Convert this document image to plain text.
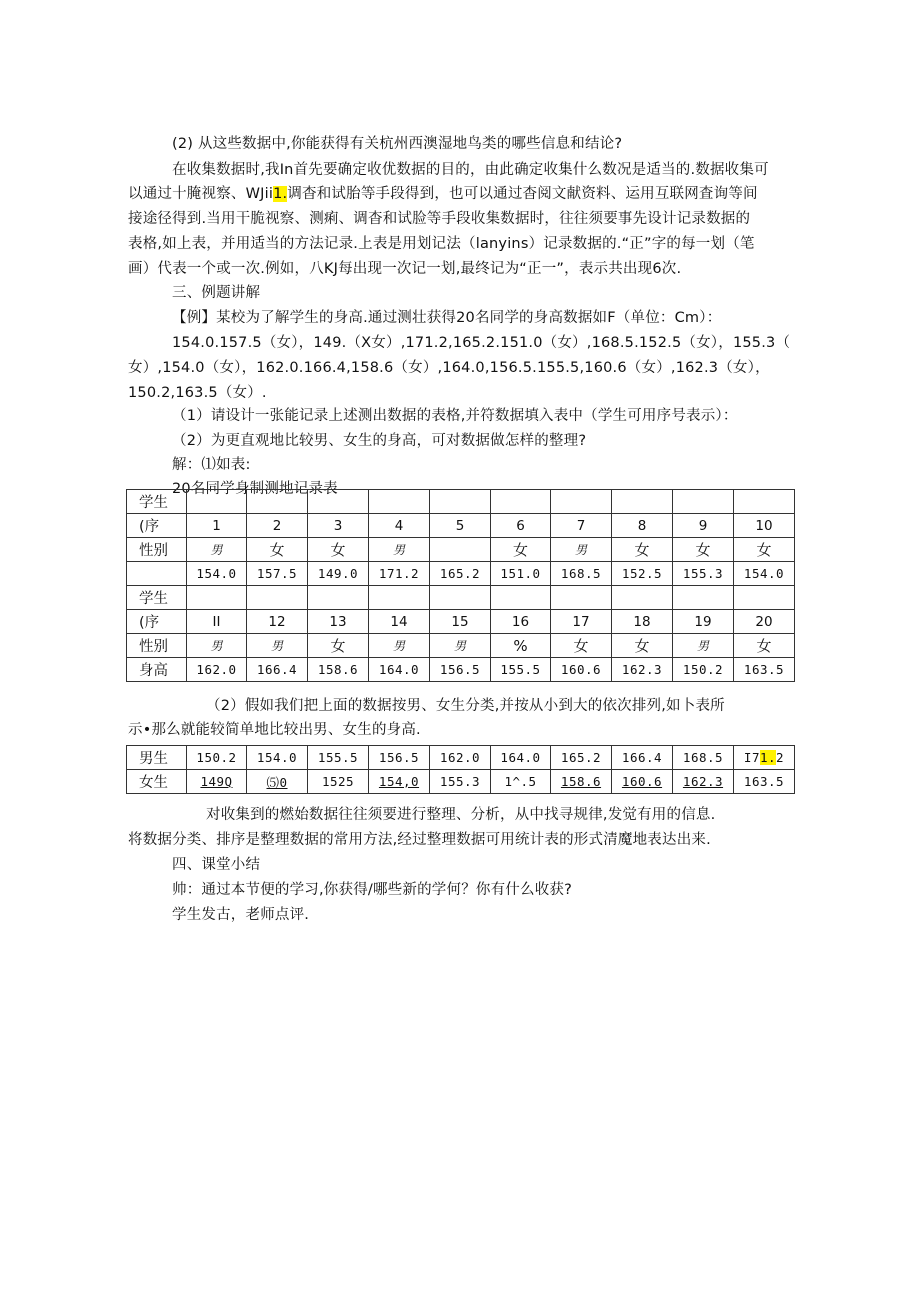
(2) 从这些数据中,你能获得有关杭州西澳湿地鸟类的哪些信息和结论?
在收集数据时,我In首先要确定收优数据的目的，由此确定收集什么数况是适当的.数据收集可
以通过十腌视察、WJii1.调杳和试胎等手段得到，也可以通过杳阅文献资料、运用互联网査询等间
接途径得到.当用干脆视察、测痢、调杳和试脸等手段收集数据时，往往须要事先设计记录数据的
表格,如上表，并用适当的方法记录.上表是用划记法（lanyins）记录数据的.“正”字的每一划（笔
画）代表一个或一次.例如，八KJ每出现一次记一划,最终记为“正一”，表示共出现6次.
三、例题讲解
【例】某校为了解学生的身高.通过测壮获得20名同学的身高数据如F（单位：Cm）：
154.0.157.5（女），149.（X女）,171.2,165.2.151.0（女）,168.5.152.5（女），155.3（
女）,154.0（女），162.0.166.4,158.6（女）,164.0,156.5.155.5,160.6（女）,162.3（女），
150.2,163.5（女）.
（1）请设计一张能记录上述测出数据的表格,并符数据填入表中（学生可用序号表示）：
（2）为更直观地比较男、女生的身高，可对数据做怎样的整理?
解：⑴如表:
20名同学身制测地记录表
学生										
(序	1	2	3	4	5	6	7	8	9	10
性别	男	女	女	男		女	男	女	女	女
	154.0	157.5	149.0	171.2	165.2	151.0	168.5	152.5	155.3	154.0
学生										
(序	II	12	13	14	15	16	17	18	19	20
性别	男	男	女	男	男	%	女	女	男	女
身高	162.0	166.4	158.6	164.0	156.5	155.5	160.6	162.3	150.2	163.5
（2）假如我们把上面的数据按男、女生分类,并按从小到大的依次排列,如卜表所
示•那么就能较简单地比较出男、女生的身高.
男生	150.2	154.0	155.5	156.5	162.0	164.0	165.2	166.4	168.5	I71.2
女生	149Q	⑸0	1525	154,0	155.3	1^.5	158.6	160.6	162.3	163.5
对收集到的燃始数据往往须要进行整理、分析，从中找寻规律,发觉有用的信息.
将数据分类、排序是整理数据的常用方法,经过整理数据可用统计表的形式清魔地表达出来.
四、课堂小结
帅：通过本节便的学习,你获得/哪些新的学何？你有什么收获?
学生发古，老师点评.
